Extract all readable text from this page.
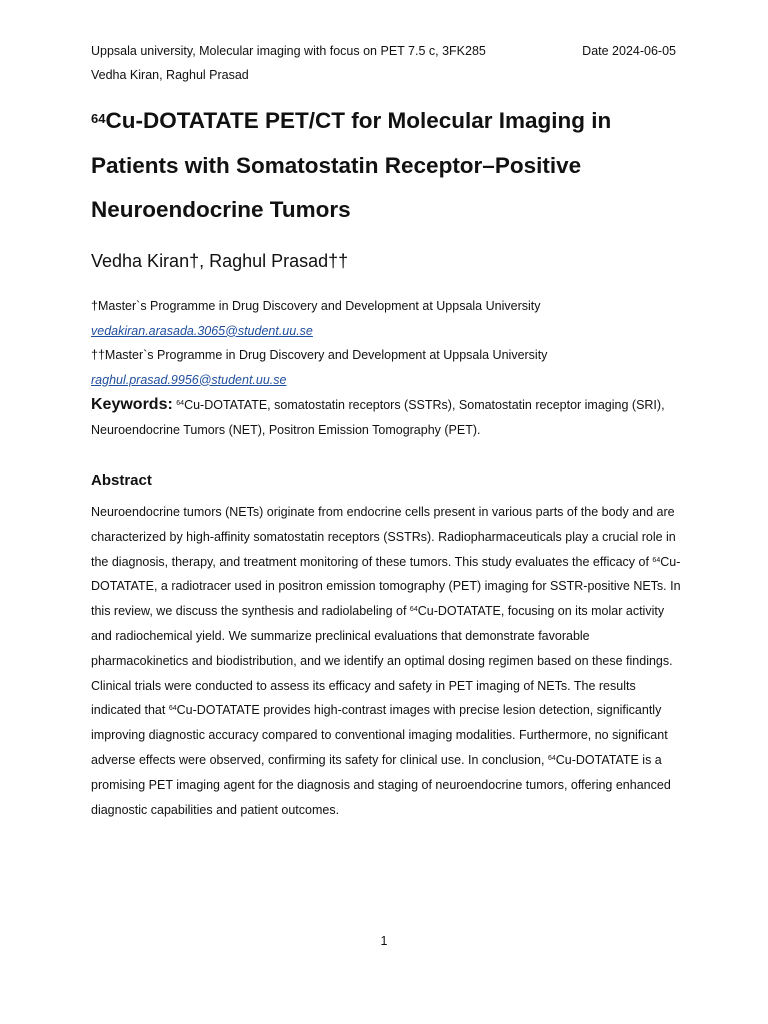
Uppsala university, Molecular imaging with focus on PET 7.5 c, 3FK285	Date 2024-06-05
Vedha Kiran, Raghul Prasad
$^{64}$Cu-DOTATATE PET/CT for Molecular Imaging in Patients with Somatostatin Receptor–Positive Neuroendocrine Tumors
Vedha Kiran†, Raghul Prasad††
†Master`s Programme in Drug Discovery and Development at Uppsala University
vedakiran.arasada.3065@student.uu.se
††Master`s Programme in Drug Discovery and Development at Uppsala University
raghul.prasad.9956@student.uu.se
Keywords: $^{64}$Cu-DOTATATE, somatostatin receptors (SSTRs), Somatostatin receptor imaging (SRI), Neuroendocrine Tumors (NET), Positron Emission Tomography (PET).
Abstract

Neuroendocrine tumors (NETs) originate from endocrine cells present in various parts of the body and are characterized by high-affinity somatostatin receptors (SSTRs). Radiopharmaceuticals play a crucial role in the diagnosis, therapy, and treatment monitoring of these tumors. This study evaluates the efficacy of $^{64}$Cu-DOTATATE, a radiotracer used in positron emission tomography (PET) imaging for SSTR-positive NETs. In this review, we discuss the synthesis and radiolabeling of $^{64}$Cu-DOTATATE, focusing on its molar activity and radiochemical yield. We summarize preclinical evaluations that demonstrate favorable pharmacokinetics and biodistribution, and we identify an optimal dosing regimen based on these findings. Clinical trials were conducted to assess its efficacy and safety in PET imaging of NETs. The results indicated that $^{64}$Cu-DOTATATE provides high-contrast images with precise lesion detection, significantly improving diagnostic accuracy compared to conventional imaging modalities. Furthermore, no significant adverse effects were observed, confirming its safety for clinical use. In conclusion, $^{64}$Cu-DOTATATE is a promising PET imaging agent for the diagnosis and staging of neuroendocrine tumors, offering enhanced diagnostic capabilities and patient outcomes.

1
